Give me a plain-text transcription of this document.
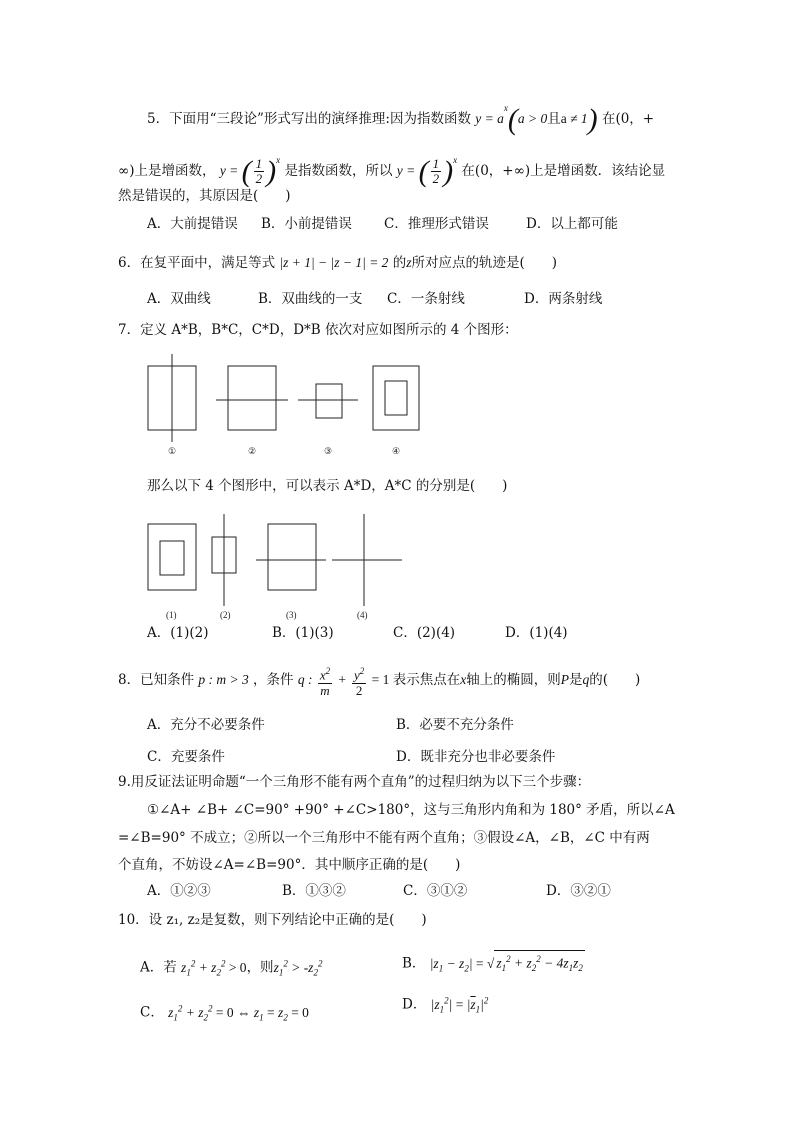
5．下面用“三段论”形式写出的演绎推理:因为指数函数 $y = a^x(a > 0$且a ≠ 1) 在(0，+
∞)上是增函数， y = ( $\frac{1}{2} )^x$ 是指数函数，所以 y = ( $\frac{1}{2} )^x$ 在(0，+∞)上是增函数．该结论显
然是错误的，其原因是(　　)
A．大前提错误 B．小前提错误 C．推理形式错误	D．以上都可能
6．在复平面中，满足等式 |z + 1| − |z − 1| = 2 的z所对应点的轨迹是(　　)
A．双曲线	B．双曲线的一支 C．一条射线	D．两条射线
7．定义 A*B，B*C，C*D，D*B 依次对应如图所示的 4 个图形：
①	②	③	④
那么以下 4 个图形中，可以表示 A*D，A*C 的分别是(　　)
(1)	(2)	(3)	(4)
A．(1)(2)	B．(1)(3)	C．(2)(4)	D．(1)(4)
8．已知条件 p : m > 3 ，条件 q : $\frac{x^2}{m} + \frac{y^2}{2} = 1$ 表示焦点在x轴上的椭圆，则P是q的(　　)
A．充分不必要条件	B．必要不充分条件
C．充要条件	D．既非充分也非必要条件
9.用反证法证明命题“一个三角形不能有两个直角”的过程归纳为以下三个步骤：
①∠A+ ∠B+ ∠C=90° +90° +∠C>180°，这与三角形内角和为 180° 矛盾，所以∠A
=∠B=90° 不成立；②所以一个三角形中不能有两个直角；③假设∠A，∠B，∠C 中有两
个直角，不妨设∠A=∠B=90°．其中顺序正确的是(　　)
A．①②③	B．①③②	C．③①②	D．③②①
10．设 z₁, z₂是复数，则下列结论中正确的是(　　)
A．若 $z_1^2 + z_2^2 > 0$，则$z_1^2 > -z_2^2$	B． $|z_1 - z_2|$ = √ $z_1^2 + z_2^2 - 4z_1z_2$
C． $z_1^2 + z_2^2 = 0$ ⇔ $z_1 = z_2 = 0$	D． $|z_1^2| = |\overline{z}_1|^2$
